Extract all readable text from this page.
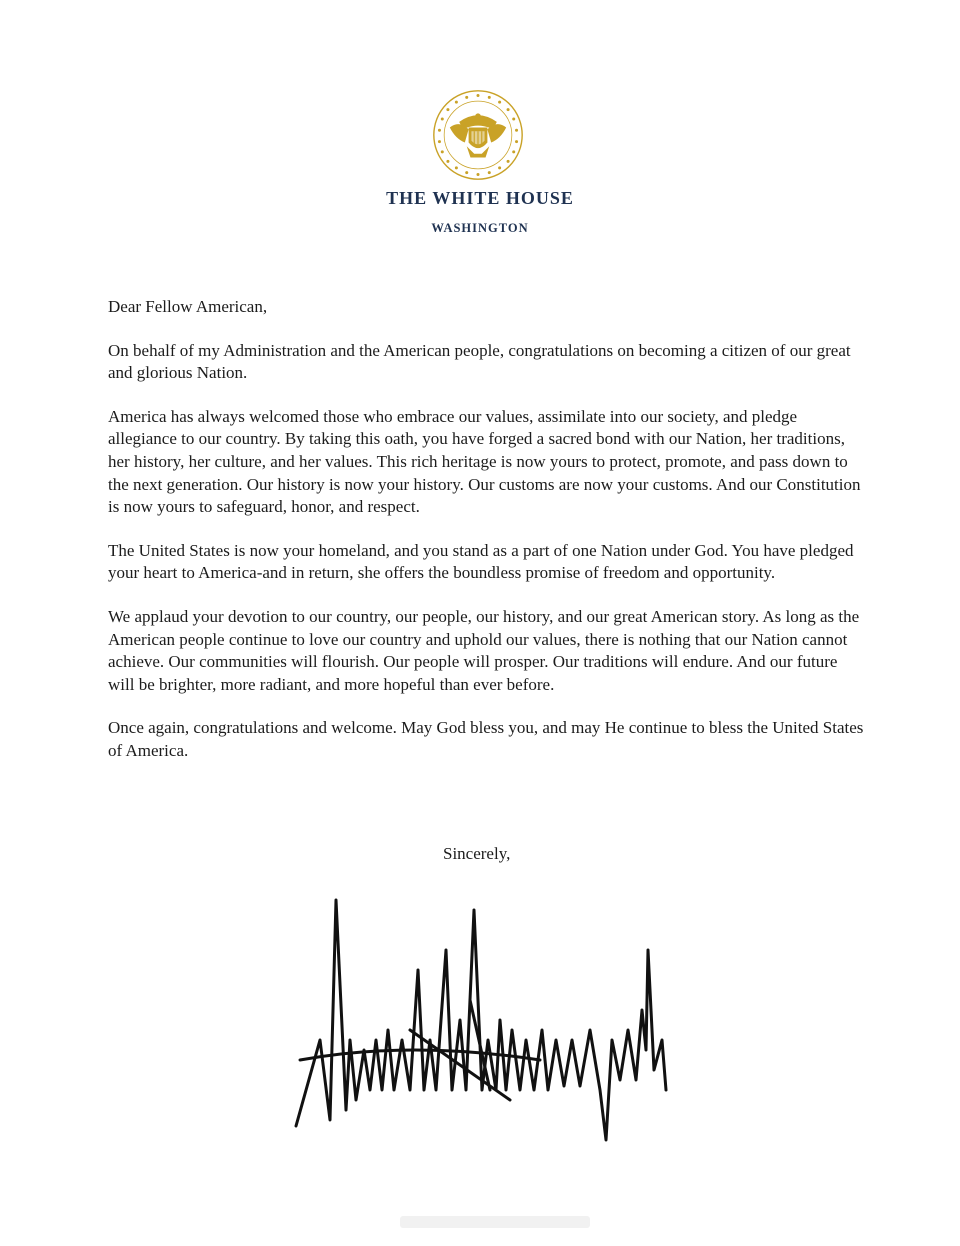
THE WHITE HOUSE
WASHINGTON

Dear Fellow American,

On behalf of my Administration and the American people, congratulations on becoming a citizen of our great and glorious Nation.

America has always welcomed those who embrace our values, assimilate into our society, and pledge allegiance to our country. By taking this oath, you have forged a sacred bond with our Nation, her traditions, her history, her culture, and her values. This rich heritage is now yours to protect, promote, and pass down to the next generation. Our history is now your history. Our customs are now your customs. And our Constitution is now yours to safeguard, honor, and respect.

The United States is now your homeland, and you stand as a part of one Nation under God. You have pledged your heart to America-and in return, she offers the boundless promise of freedom and opportunity.

We applaud your devotion to our country, our people, our history, and our great American story. As long as the American people continue to love our country and uphold our values, there is nothing that our Nation cannot achieve. Our communities will flourish. Our people will prosper. Our traditions will endure. And our future will be brighter, more radiant, and more hopeful than ever before.

Once again, congratulations and welcome. May God bless you, and may He continue to bless the United States of America.

Sincerely,
